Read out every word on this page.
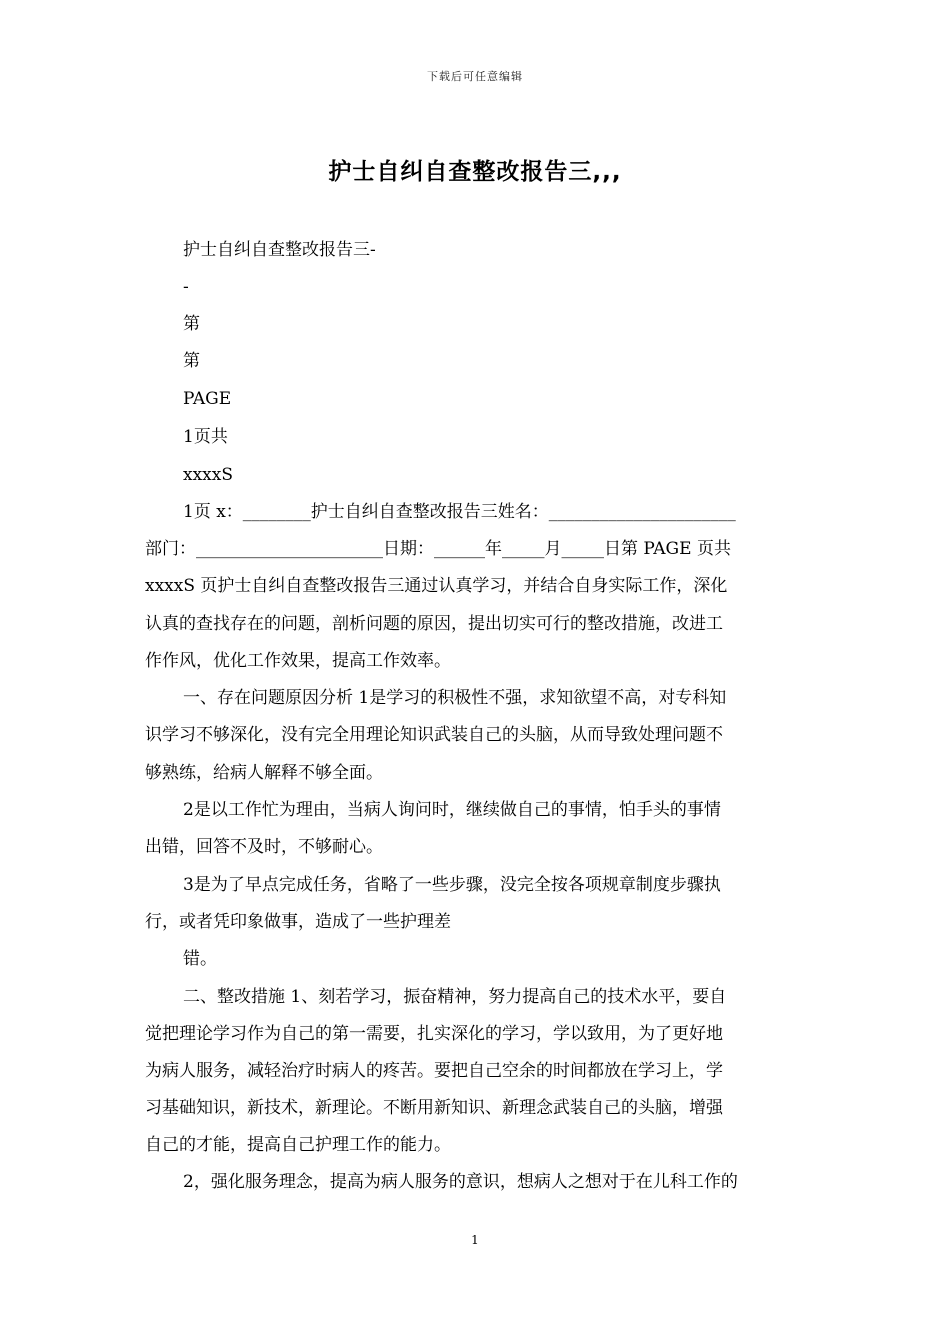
下载后可任意编辑
护士自纠自查整改报告三,,,
护士自纠自查整改报告三-
-
第
第
PAGE
1页共
xxxxS
1页 x：________护士自纠自查整改报告三姓名：______________________
部门：______________________日期：______年_____月_____日第 PAGE 页共
xxxxS 页护士自纠自查整改报告三通过认真学习，并结合自身实际工作，深化
认真的查找存在的问题，剖析问题的原因，提出切实可行的整改措施，改进工
作作风，优化工作效果，提高工作效率。
一、存在问题原因分析 1是学习的积极性不强，求知欲望不高，对专科知
识学习不够深化，没有完全用理论知识武装自己的头脑，从而导致处理问题不
够熟练，给病人解释不够全面。
2是以工作忙为理由，当病人询问时，继续做自己的事情，怕手头的事情
出错，回答不及时，不够耐心。
3是为了早点完成任务，省略了一些步骤，没完全按各项规章制度步骤执
行，或者凭印象做事，造成了一些护理差
错。
二、整改措施 1、刻若学习，振奋精神，努力提高自己的技术水平，要自
觉把理论学习作为自己的第一需要，扎实深化的学习，学以致用，为了更好地
为病人服务，减轻治疗时病人的疼苦。要把自己空余的时间都放在学习上，学
习基础知识，新技术，新理论。不断用新知识、新理念武装自己的头脑，增强
自己的才能，提高自己护理工作的能力。
2，强化服务理念，提高为病人服务的意识，想病人之想对于在儿科工作的
1
